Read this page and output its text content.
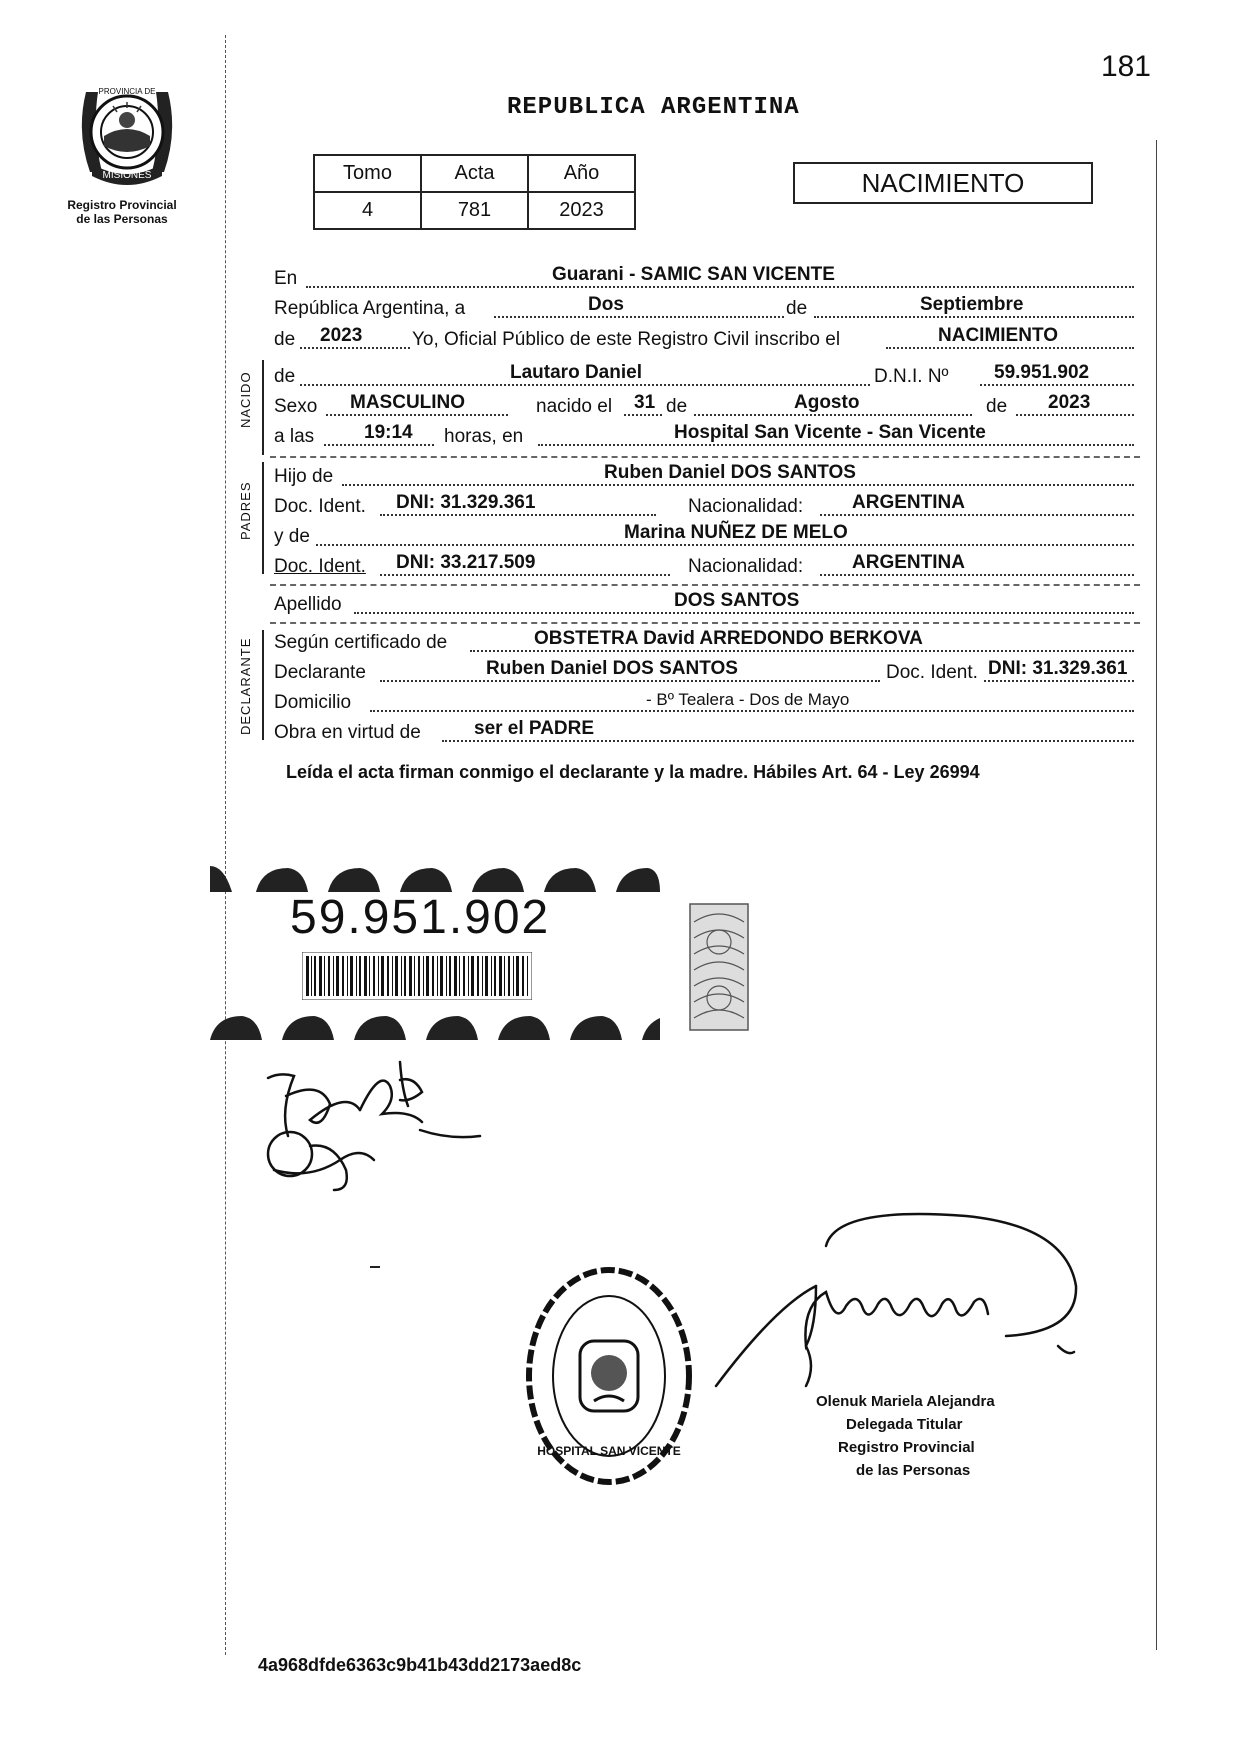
181
MISIONES
PROVINCIA DE
Registro Provincial
de las Personas
REPUBLICA ARGENTINA
Tomo	Acta	Año
4	781	2023
NACIMIENTO
NACIDO
PADRES
DECLARANTE
En	Guarani - SAMIC SAN VICENTE
República Argentina, a	Dos	de	Septiembre
de 2023	Yo, Oficial Público de este Registro Civil inscribo el	NACIMIENTO
de	Lautaro Daniel	D.N.I. Nº 59.951.902
Sexo MASCULINO	nacido el 31 de	Agosto	de 2023
a las	19:14 horas, en	Hospital San Vicente - San Vicente
Hijo de	Ruben Daniel DOS SANTOS
Doc. Ident. DNI: 31.329.361	Nacionalidad:	ARGENTINA
y de	Marina NUÑEZ DE MELO
Doc. Ident. DNI: 33.217.509	Nacionalidad:	ARGENTINA
Apellido	DOS SANTOS
Según certificado de	OBSTETRA David ARREDONDO BERKOVA
Declarante	Ruben Daniel DOS SANTOS	Doc. Ident. DNI: 31.329.361
Domicilio	- Bº Tealera - Dos de Mayo
Obra en virtud de	ser el PADRE
Leída el acta firman conmigo el declarante y la madre. Hábiles Art. 64 - Ley 26994
59.951.902
HOSPITAL SAN VICENTE
Olenuk Mariela Alejandra
Delegada Titular
Registro Provincial
de las Personas
4a968dfde6363c9b41b43dd2173aed8c
